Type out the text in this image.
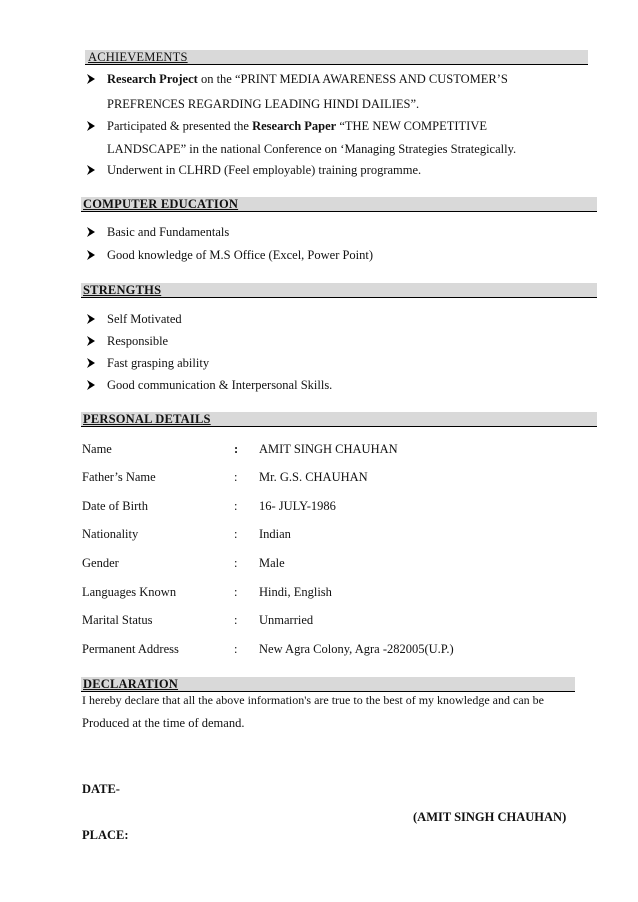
ACHIEVEMENTS
Research Project on the “PRINT MEDIA AWARENESS AND CUSTOMER’S
PREFRENCES REGARDING LEADING HINDI DAILIES”.
Participated & presented the Research Paper “THE NEW COMPETITIVE
LANDSCAPE” in the national Conference on ‘Managing Strategies Strategically.
Underwent in CLHRD (Feel employable) training programme.
COMPUTER EDUCATION
Basic and Fundamentals
Good knowledge of M.S Office (Excel, Power Point)
STRENGTHS
Self Motivated
Responsible
Fast grasping ability
Good communication & Interpersonal Skills.
PERSONAL DETAILS
Name	: AMIT SINGH CHAUHAN
Father’s Name	: Mr. G.S. CHAUHAN
Date of Birth	: 16- JULY-1986
Nationality	: Indian
Gender	: Male
Languages Known	: Hindi, English
Marital Status	: Unmarried
Permanent Address	: New Agra Colony, Agra -282005(U.P.)
DECLARATION
I hereby declare that all the above information's are true to the best of my knowledge and can be
Produced at the time of demand.
DATE-
(AMIT SINGH CHAUHAN)
PLACE:
